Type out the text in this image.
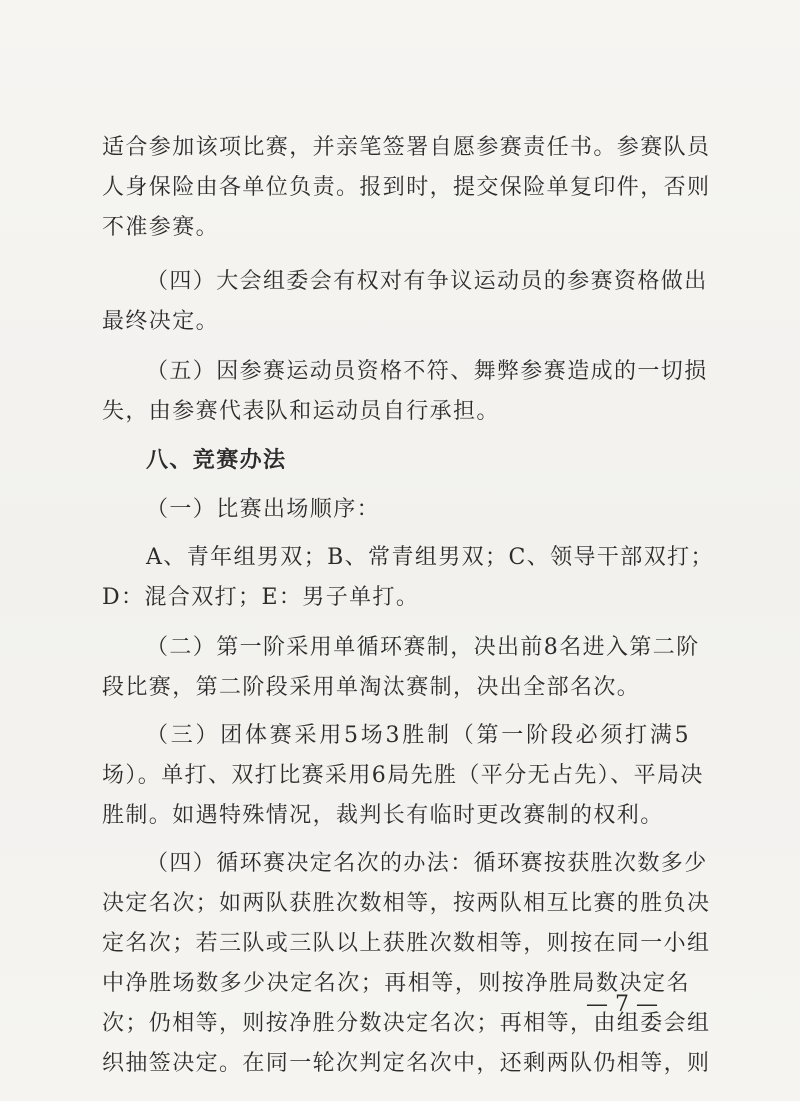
适合参加该项比赛，并亲笔签署自愿参赛责任书。参赛队员
人身保险由各单位负责。报到时，提交保险单复印件，否则
不准参赛。
（四）大会组委会有权对有争议运动员的参赛资格做出
最终决定。
（五）因参赛运动员资格不符、舞弊参赛造成的一切损
失，由参赛代表队和运动员自行承担。
八、竞赛办法
（一）比赛出场顺序：
A、青年组男双；B、常青组男双；C、领导干部双打；
D：混合双打；E：男子单打。
（二）第一阶采用单循环赛制，决出前8名进入第二阶
段比赛，第二阶段采用单淘汰赛制，决出全部名次。
（三）团体赛采用5场3胜制（第一阶段必须打满5
场）。单打、双打比赛采用6局先胜（平分无占先）、平局决
胜制。如遇特殊情况，裁判长有临时更改赛制的权利。
（四）循环赛决定名次的办法：循环赛按获胜次数多少
决定名次；如两队获胜次数相等，按两队相互比赛的胜负决
定名次；若三队或三队以上获胜次数相等，则按在同一小组
中净胜场数多少决定名次；再相等，则按净胜局数决定名
次；仍相等，则按净胜分数决定名次；再相等，由组委会组
织抽签决定。在同一轮次判定名次中，还剩两队仍相等，则
— 7 —
